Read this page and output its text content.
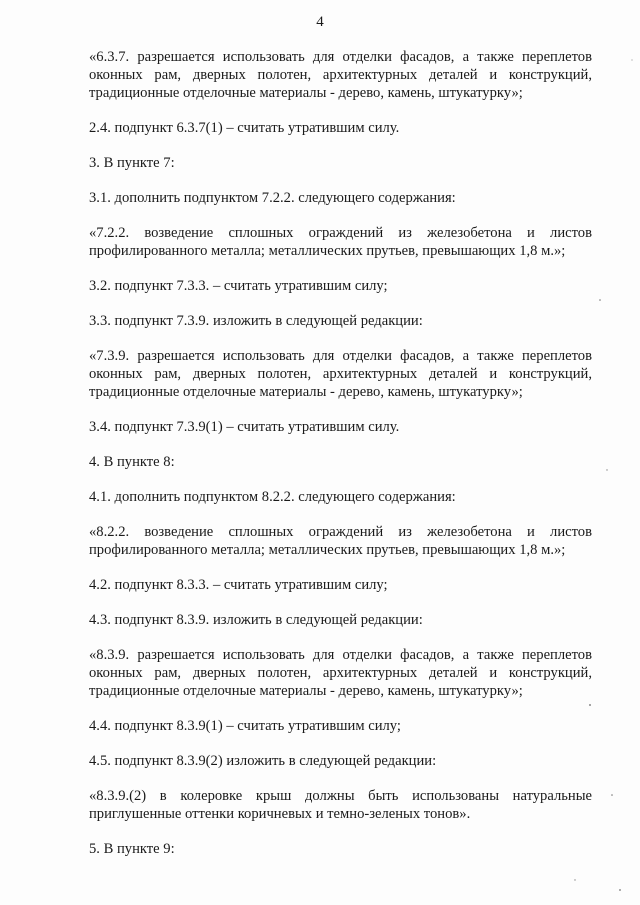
4

«6.3.7. разрешается использовать для отделки фасадов, а также переплетов оконных рам, дверных полотен, архитектурных деталей и конструкций, традиционные отделочные материалы - дерево, камень, штукатурку»;

2.4. подпункт 6.3.7(1) – считать утратившим силу.

3. В пункте 7:

3.1. дополнить подпунктом 7.2.2. следующего содержания:

«7.2.2. возведение сплошных ограждений из железобетона и листов профилированного металла; металлических прутьев, превышающих 1,8 м.»;

3.2. подпункт 7.3.3. – считать утратившим силу;

3.3. подпункт 7.3.9. изложить в следующей редакции:

«7.3.9. разрешается использовать для отделки фасадов, а также переплетов оконных рам, дверных полотен, архитектурных деталей и конструкций, традиционные отделочные материалы - дерево, камень, штукатурку»;

3.4. подпункт 7.3.9(1) – считать утратившим силу.

4. В пункте 8:

4.1. дополнить подпунктом 8.2.2. следующего содержания:

«8.2.2. возведение сплошных ограждений из железобетона и листов профилированного металла; металлических прутьев, превышающих 1,8 м.»;

4.2. подпункт 8.3.3. – считать утратившим силу;

4.3. подпункт 8.3.9. изложить в следующей редакции:

«8.3.9. разрешается использовать для отделки фасадов, а также переплетов оконных рам, дверных полотен, архитектурных деталей и конструкций, традиционные отделочные материалы - дерево, камень, штукатурку»;

4.4. подпункт 8.3.9(1) – считать утратившим силу;

4.5. подпункт 8.3.9(2) изложить в следующей редакции:

«8.3.9.(2) в колеровке крыш должны быть использованы натуральные приглушенные оттенки коричневых и темно-зеленых тонов».

5. В пункте 9:
